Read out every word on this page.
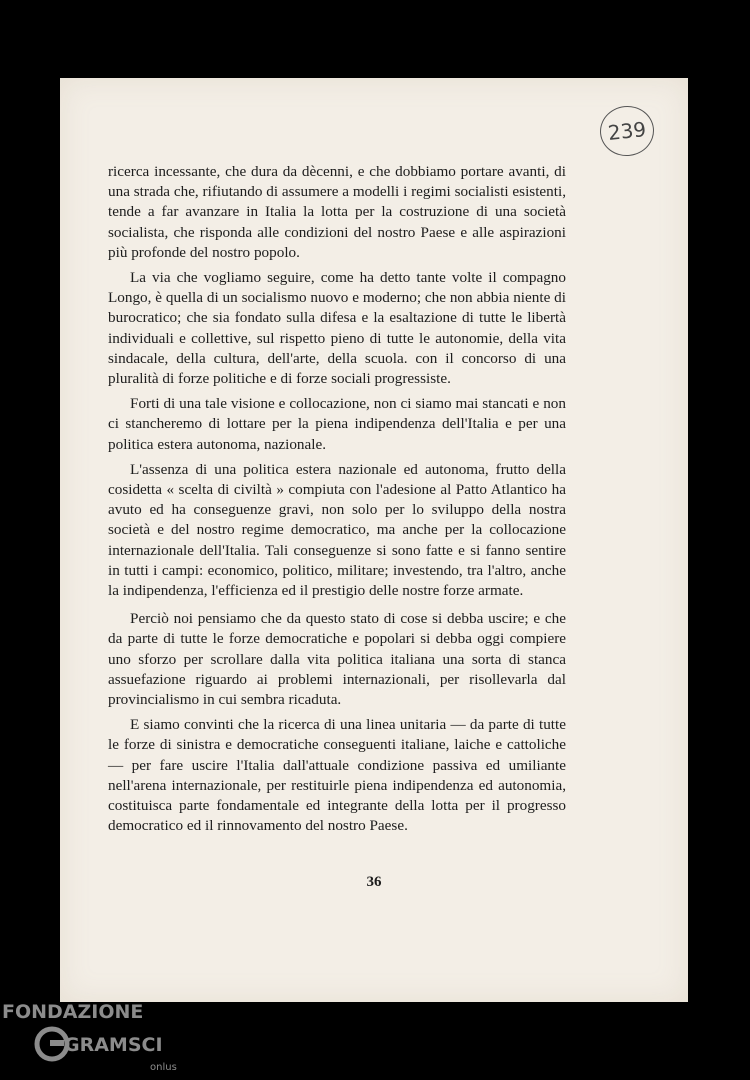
239

ricerca incessante, che dura da dècenni, e che dobbiamo portare avanti, di una strada che, rifiutando di assumere a modelli i regimi socialisti esistenti, tende a far avanzare in Italia la lotta per la costruzione di una società socialista, che risponda alle condizioni del nostro Paese e alle aspirazioni più profonde del nostro popolo.

La via che vogliamo seguire, come ha detto tante volte il compagno Longo, è quella di un socialismo nuovo e moderno; che non abbia niente di burocratico; che sia fondato sulla difesa e la esaltazione di tutte le libertà individuali e collettive, sul rispetto pieno di tutte le autonomie, della vita sindacale, della cultura, dell'arte, della scuola. con il concorso di una pluralità di forze politiche e di forze sociali progressiste.

Forti di una tale visione e collocazione, non ci siamo mai stancati e non ci stancheremo di lottare per la piena indipendenza dell'Italia e per una politica estera autonoma, nazionale.

L'assenza di una politica estera nazionale ed autonoma, frutto della cosidetta « scelta di civiltà » compiuta con l'adesione al Patto Atlantico ha avuto ed ha conseguenze gravi, non solo per lo sviluppo della nostra società e del nostro regime democratico, ma anche per la collocazione internazionale dell'Italia. Tali conseguenze si sono fatte e si fanno sentire in tutti i campi: economico, politico, militare; investendo, tra l'altro, anche la indipendenza, l'efficienza ed il prestigio delle nostre forze armate.

Perciò noi pensiamo che da questo stato di cose si debba uscire; e che da parte di tutte le forze democratiche e popolari si debba oggi compiere uno sforzo per scrollare dalla vita politica italiana una sorta di stanca assuefazione riguardo ai problemi internazionali, per risollevarla dal provincialismo in cui sembra ricaduta.

E siamo convinti che la ricerca di una linea unitaria — da parte di tutte le forze di sinistra e democratiche conseguenti italiane, laiche e cattoliche — per fare uscire l'Italia dall'attuale condizione passiva ed umiliante nell'arena internazionale, per restituirle piena indipendenza ed autonomia, costituisca parte fondamentale ed integrante della lotta per il progresso democratico ed il rinnovamento del nostro Paese.

36
FONDAZIONE
GRAMSCI
onlus
